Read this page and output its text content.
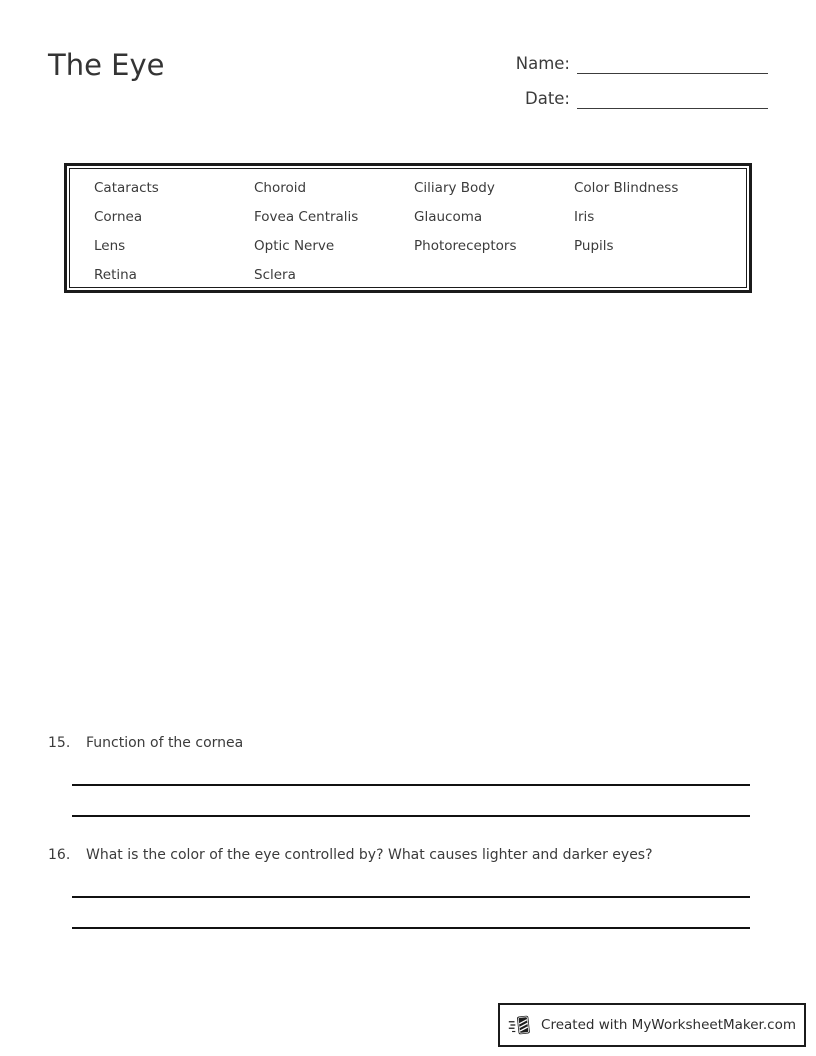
The Eye	Name:
Date:
Cataracts	Choroid	Ciliary Body	Color Blindness
Cornea	Fovea Centralis	Glaucoma	Iris
Lens	Optic Nerve	Photoreceptors	Pupils
Retina	Sclera
15.	Function of the cornea
16.	What is the color of the eye controlled by? What causes lighter and darker eyes?
Created with MyWorksheetMaker.com
